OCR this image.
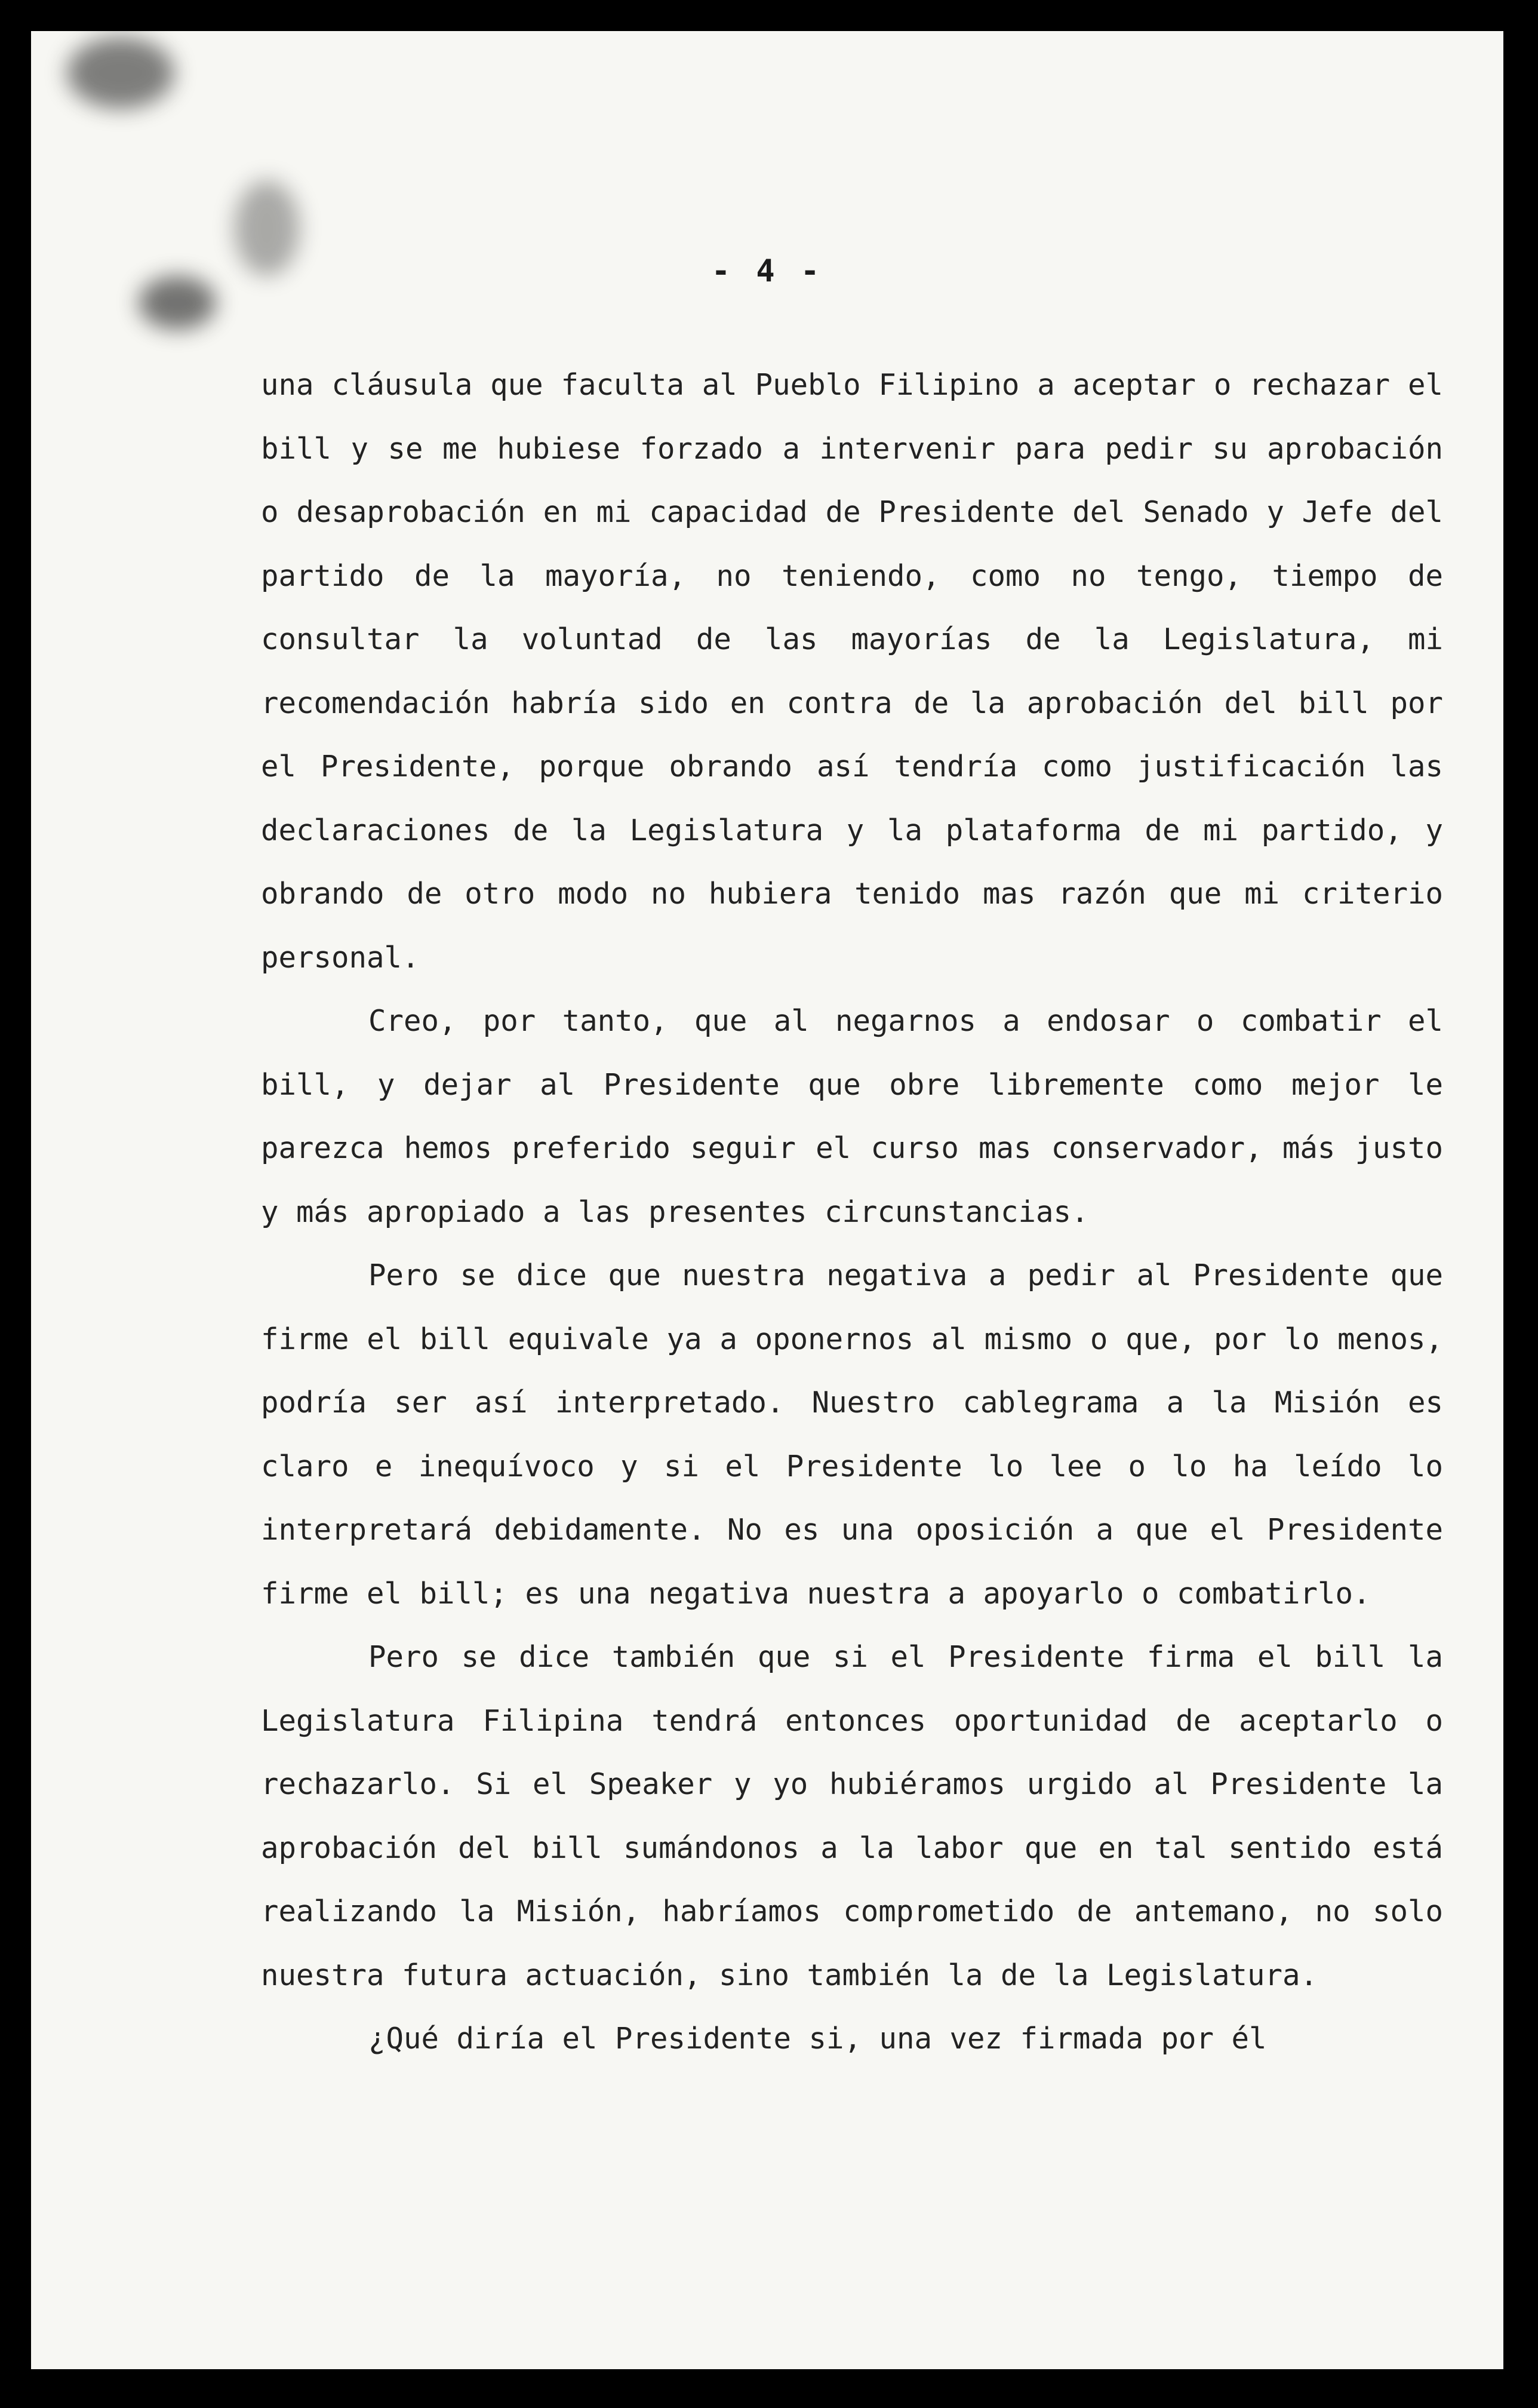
- 4 -

una cláusula que faculta al Pueblo Filipino a aceptar o rechazar el bill y se me hubiese forzado a intervenir para pedir su aprobación o desaprobación en mi capacidad de Presidente del Senado y Jefe del partido de la mayoría, no teniendo, como no tengo, tiempo de consultar la voluntad de las mayorías de la Legislatura, mi recomendación habría sido en contra de la aprobación del bill por el Presidente, porque obrando así tendría como justificación las declaraciones de la Legislatura y la plataforma de mi partido, y obrando de otro modo no hubiera tenido mas razón que mi criterio personal.

Creo, por tanto, que al negarnos a endosar o combatir el bill, y dejar al Presidente que obre libremente como mejor le parezca hemos preferido seguir el curso mas conservador, más justo y más apropiado a las presentes circunstancias.

Pero se dice que nuestra negativa a pedir al Presidente que firme el bill equivale ya a oponernos al mismo o que, por lo menos, podría ser así interpretado. Nuestro cablegrama a la Misión es claro e inequívoco y si el Presidente lo lee o lo ha leído lo interpretará debidamente. No es una oposición a que el Presidente firme el bill; es una negativa nuestra a apoyarlo o combatirlo.

Pero se dice también que si el Presidente firma el bill la Legislatura Filipina tendrá entonces oportunidad de aceptarlo o rechazarlo. Si el Speaker y yo hubiéramos urgido al Presidente la aprobación del bill sumándonos a la labor que en tal sentido está realizando la Misión, habríamos comprometido de antemano, no solo nuestra futura actuación, sino también la de la Legislatura.

¿Qué diría el Presidente si, una vez firmada por él
